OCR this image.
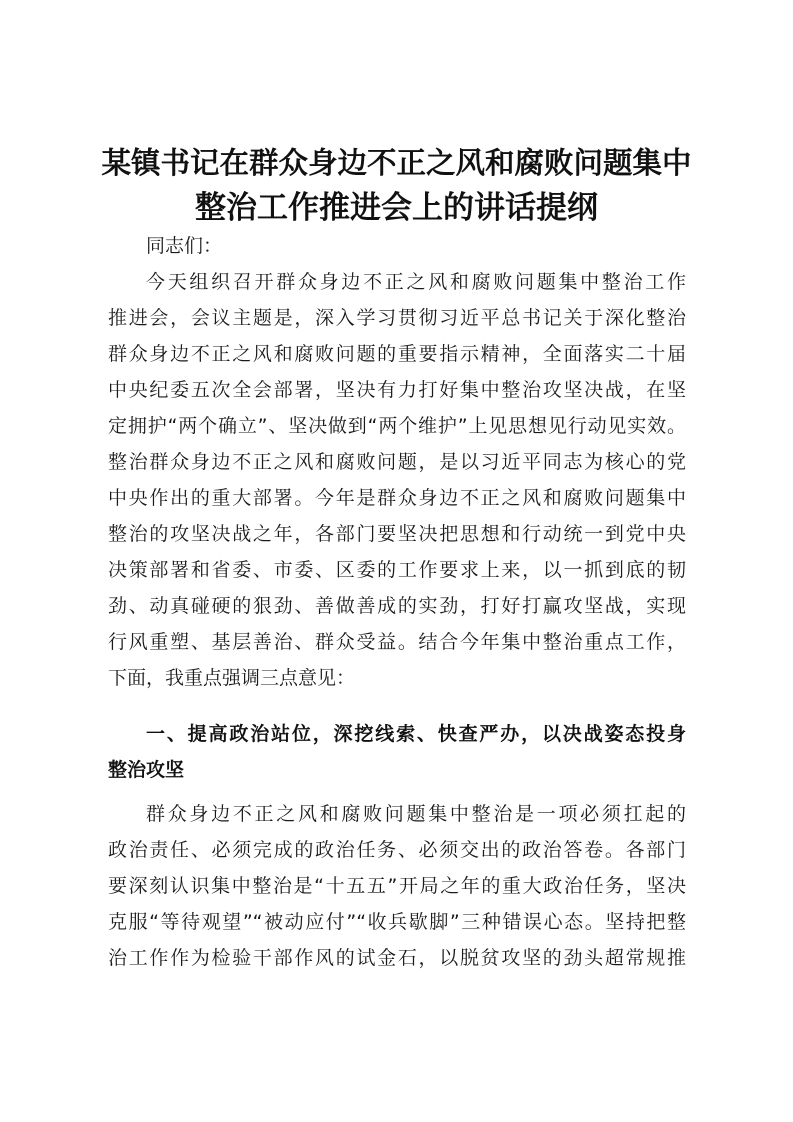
某镇书记在群众身边不正之风和腐败问题集中
整治工作推进会上的讲话提纲
同志们：
今天组织召开群众身边不正之风和腐败问题集中整治工作
推进会，会议主题是，深入学习贯彻习近平总书记关于深化整治
群众身边不正之风和腐败问题的重要指示精神，全面落实二十届
中央纪委五次全会部署，坚决有力打好集中整治攻坚决战，在坚
定拥护“两个确立”、坚决做到“两个维护”上见思想见行动见实效。
整治群众身边不正之风和腐败问题，是以习近平同志为核心的党
中央作出的重大部署。今年是群众身边不正之风和腐败问题集中
整治的攻坚决战之年，各部门要坚决把思想和行动统一到党中央
决策部署和省委、市委、区委的工作要求上来，以一抓到底的韧
劲、动真碰硬的狠劲、善做善成的实劲，打好打赢攻坚战，实现
行风重塑、基层善治、群众受益。结合今年集中整治重点工作，
下面，我重点强调三点意见：
一、提高政治站位，深挖线索、快查严办，以决战姿态投身
整治攻坚
群众身边不正之风和腐败问题集中整治是一项必须扛起的
政治责任、必须完成的政治任务、必须交出的政治答卷。各部门
要深刻认识集中整治是“十五五”开局之年的重大政治任务，坚决
克服“等待观望”“被动应付”“收兵歇脚”三种错误心态。坚持把整
治工作作为检验干部作风的试金石，以脱贫攻坚的劲头超常规推
